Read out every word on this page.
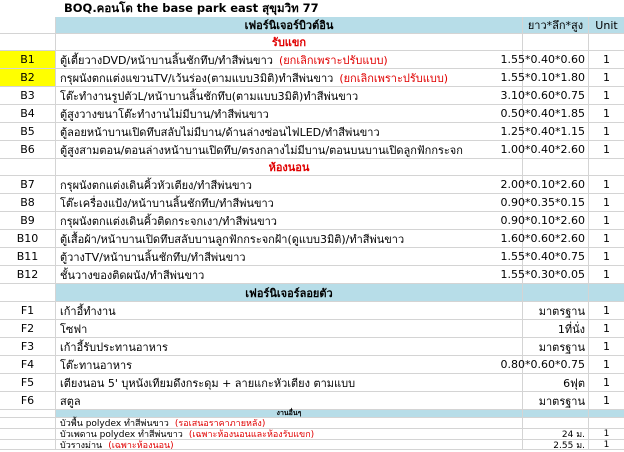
BOQ.คอนโด the base park east สุขุมวิท 77
เฟอร์นิเจอร์บิวต์อิน	ยาว*ลึก*สูง	Unit
รับแขก
B1	ตู้เตี้ยวางDVD/หน้าบานลิ้นชักทึบ/ทำสีพ่นขาว (ยกเลิกเพราะปรับแบบ)	1.55*0.40*0.60	1
B2	กรุผนังตกแต่งแขวนTV/เว้นร่อง(ตามแบบ3มิติ)ทำสีพ่นขาว (ยกเลิกเพราะปรับแบบ)	1.55*0.10*1.80	1
B3	โต๊ะทำงานรูปตัวL/หน้าบานลิ้นชักทึบ(ตามแบบ3มิติ)ทำสีพ่นขาว	3.10*0.60*0.75	1
B4	ตู้สูงวางขนาโต๊ะทำงานไม่มีบาน/ทำสีพ่นขาว	0.50*0.40*1.85	1
B5	ตู้ลอยหน้าบานเปิดทึบสลับไม่มีบาน/ด้านล่างซ่อนไฟLED/ทำสีพ่นขาว	1.25*0.40*1.15	1
B6	ตู้สูงสามตอน/ตอนล่างหน้าบานเปิดทึบ/ตรงกลางไม่มีบาน/ตอนบนบานเปิดลูกฟักกระจก	1.00*0.40*2.60	1
ห้องนอน
B7	กรุผนังตกแต่งเดินคิ้วหัวเตียง/ทำสีพ่นขาว	2.00*0.10*2.60	1
B8	โต๊ะเครื่องแป้ง/หน้าบานลิ้นชักทึบ/ทำสีพ่นขาว	0.90*0.35*0.15	1
B9	กรุผนังตกแต่งเดินคิ้วติดกระจกเงา/ทำสีพ่นขาว	0.90*0.10*2.60	1
B10	ตู้เสื้อผ้า/หน้าบานเปิดทึบสลับบานลูกฟักกระจกฝ้า(ดูแบบ3มิติ)/ทำสีพ่นขาว	1.60*0.60*2.60	1
B11	ตู้วางTV/หน้าบานลิ้นชักทึบ/ทำสีพ่นขาว	1.55*0.40*0.75	1
B12	ชั้นวางของติดผนัง/ทำสีพ่นขาว	1.55*0.30*0.05	1
เฟอร์นิเจอร์ลอยตัว
F1	เก้าอี้ทำงาน	มาตรฐาน	1
F2	โซฟา	1ที่นั่ง	1
F3	เก้าอี้รับประทานอาหาร	มาตรฐาน	1
F4	โต๊ะทานอาหาร	0.80*0.60*0.75	1
F5	เตียงนอน 5' บุหนังเทียมดึงกระดุม + ลายแกะหัวเตียง ตามแบบ	6ฟุต	1
F6	สตูล	มาตรฐาน	1
งานอื่นๆ
บัวพื้น polydex ทำสีพ่นขาว (รอเสนอราคาภายหลัง)
บัวเพดาน polydex ทำสีพ่นขาว (เฉพาะห้องนอนและห้องรับแขก)	24 ม.	1
บัวรางม่าน (เฉพาะห้องนอน)	2.55 ม.	1
